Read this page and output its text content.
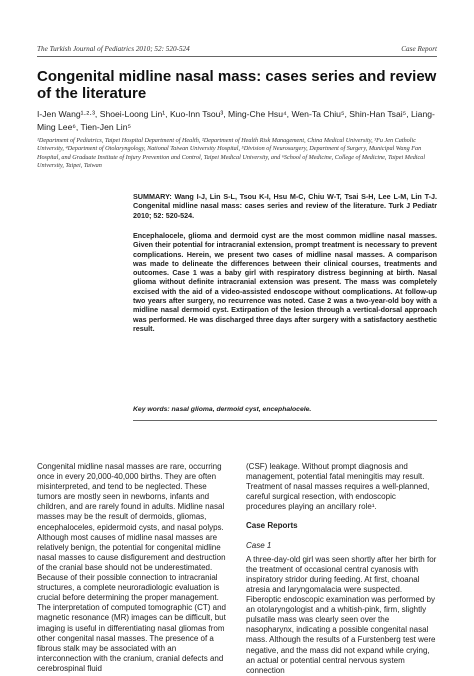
The Turkish Journal of Pediatrics 2010; 52: 520-524	Case Report
Congenital midline nasal mass: cases series and review of the literature
I-Jen Wang¹·²·³, Shoei-Loong Lin¹, Kuo-Inn Tsou³, Ming-Che Hsu⁴, Wen-Ta Chiu⁵, Shin-Han Tsai⁵, Liang-Ming Lee⁶, Tien-Jen Lin⁵
¹Department of Pediatrics, Taipei Hospital Department of Health, ²Department of Health Risk Management, China Medical University, ³Fu Jen Catholic University, ⁴Department of Otolaryngology, National Taiwan University Hospital, ⁵Division of Neurosurgery, Department of Surgery, Municipal Wang Fan Hospital, and Graduate Institute of Injury Prevention and Control, Taipei Medical University, and ⁶School of Medicine, College of Medicine, Taipei Medical University, Taipei, Taiwan
SUMMARY: Wang I-J, Lin S-L, Tsou K-I, Hsu M-C, Chiu W-T, Tsai S-H, Lee L-M, Lin T-J. Congenital midline nasal mass: cases series and review of the literature. Turk J Pediatr 2010; 52: 520-524.
Encephalocele, glioma and dermoid cyst are the most common midline nasal masses. Given their potential for intracranial extension, prompt treatment is necessary to prevent complications. Herein, we present two cases of midline nasal masses. A comparison was made to delineate the differences between their clinical courses, treatments and outcomes. Case 1 was a baby girl with respiratory distress beginning at birth. Nasal glioma without definite intracranial extension was present. The mass was completely excised with the aid of a video-assisted endoscope without complications. At follow-up two years after surgery, no recurrence was noted. Case 2 was a two-year-old boy with a midline nasal dermoid cyst. Extirpation of the lesion through a vertical-dorsal approach was performed. He was discharged three days after surgery with a satisfactory aesthetic result.
Key words: nasal glioma, dermoid cyst, encephalocele.
Congenital midline nasal masses are rare, occurring once in every 20,000-40,000 births. They are often misinterpreted, and tend to be neglected. These tumors are mostly seen in newborns, infants and children, and are rarely found in adults. Midline nasal masses may be the result of dermoids, gliomas, encephaloceles, epidermoid cysts, and nasal polyps. Although most causes of midline nasal masses are relatively benign, the potential for congenital midline nasal masses to cause disfigurement and destruction of the cranial base should not be underestimated. Because of their possible connection to intracranial structures, a complete neuroradiologic evaluation is crucial before determining the proper management. The interpretation of computed tomographic (CT) and magnetic resonance (MR) images can be difficult, but imaging is useful in differentiating nasal gliomas from other congenital nasal masses. The presence of a fibrous stalk may be associated with an interconnection with the cranium, cranial defects and cerebrospinal fluid
(CSF) leakage. Without prompt diagnosis and management, potential fatal meningitis may result. Treatment of nasal masses requires a well-planned, careful surgical resection, with endoscopic procedures playing an ancillary role¹.
Case Reports
Case 1
A three-day-old girl was seen shortly after her birth for the treatment of occasional central cyanosis with inspiratory stridor during feeding. At first, choanal atresia and laryngomalacia were suspected. Fiberoptic endoscopic examination was performed by an otolaryngologist and a whitish-pink, firm, slightly pulsatile mass was clearly seen over the nasopharynx, indicating a possible congenital nasal mass. Although the results of a Furstenberg test were negative, and the mass did not expand while crying, an actual or potential central nervous system connection
